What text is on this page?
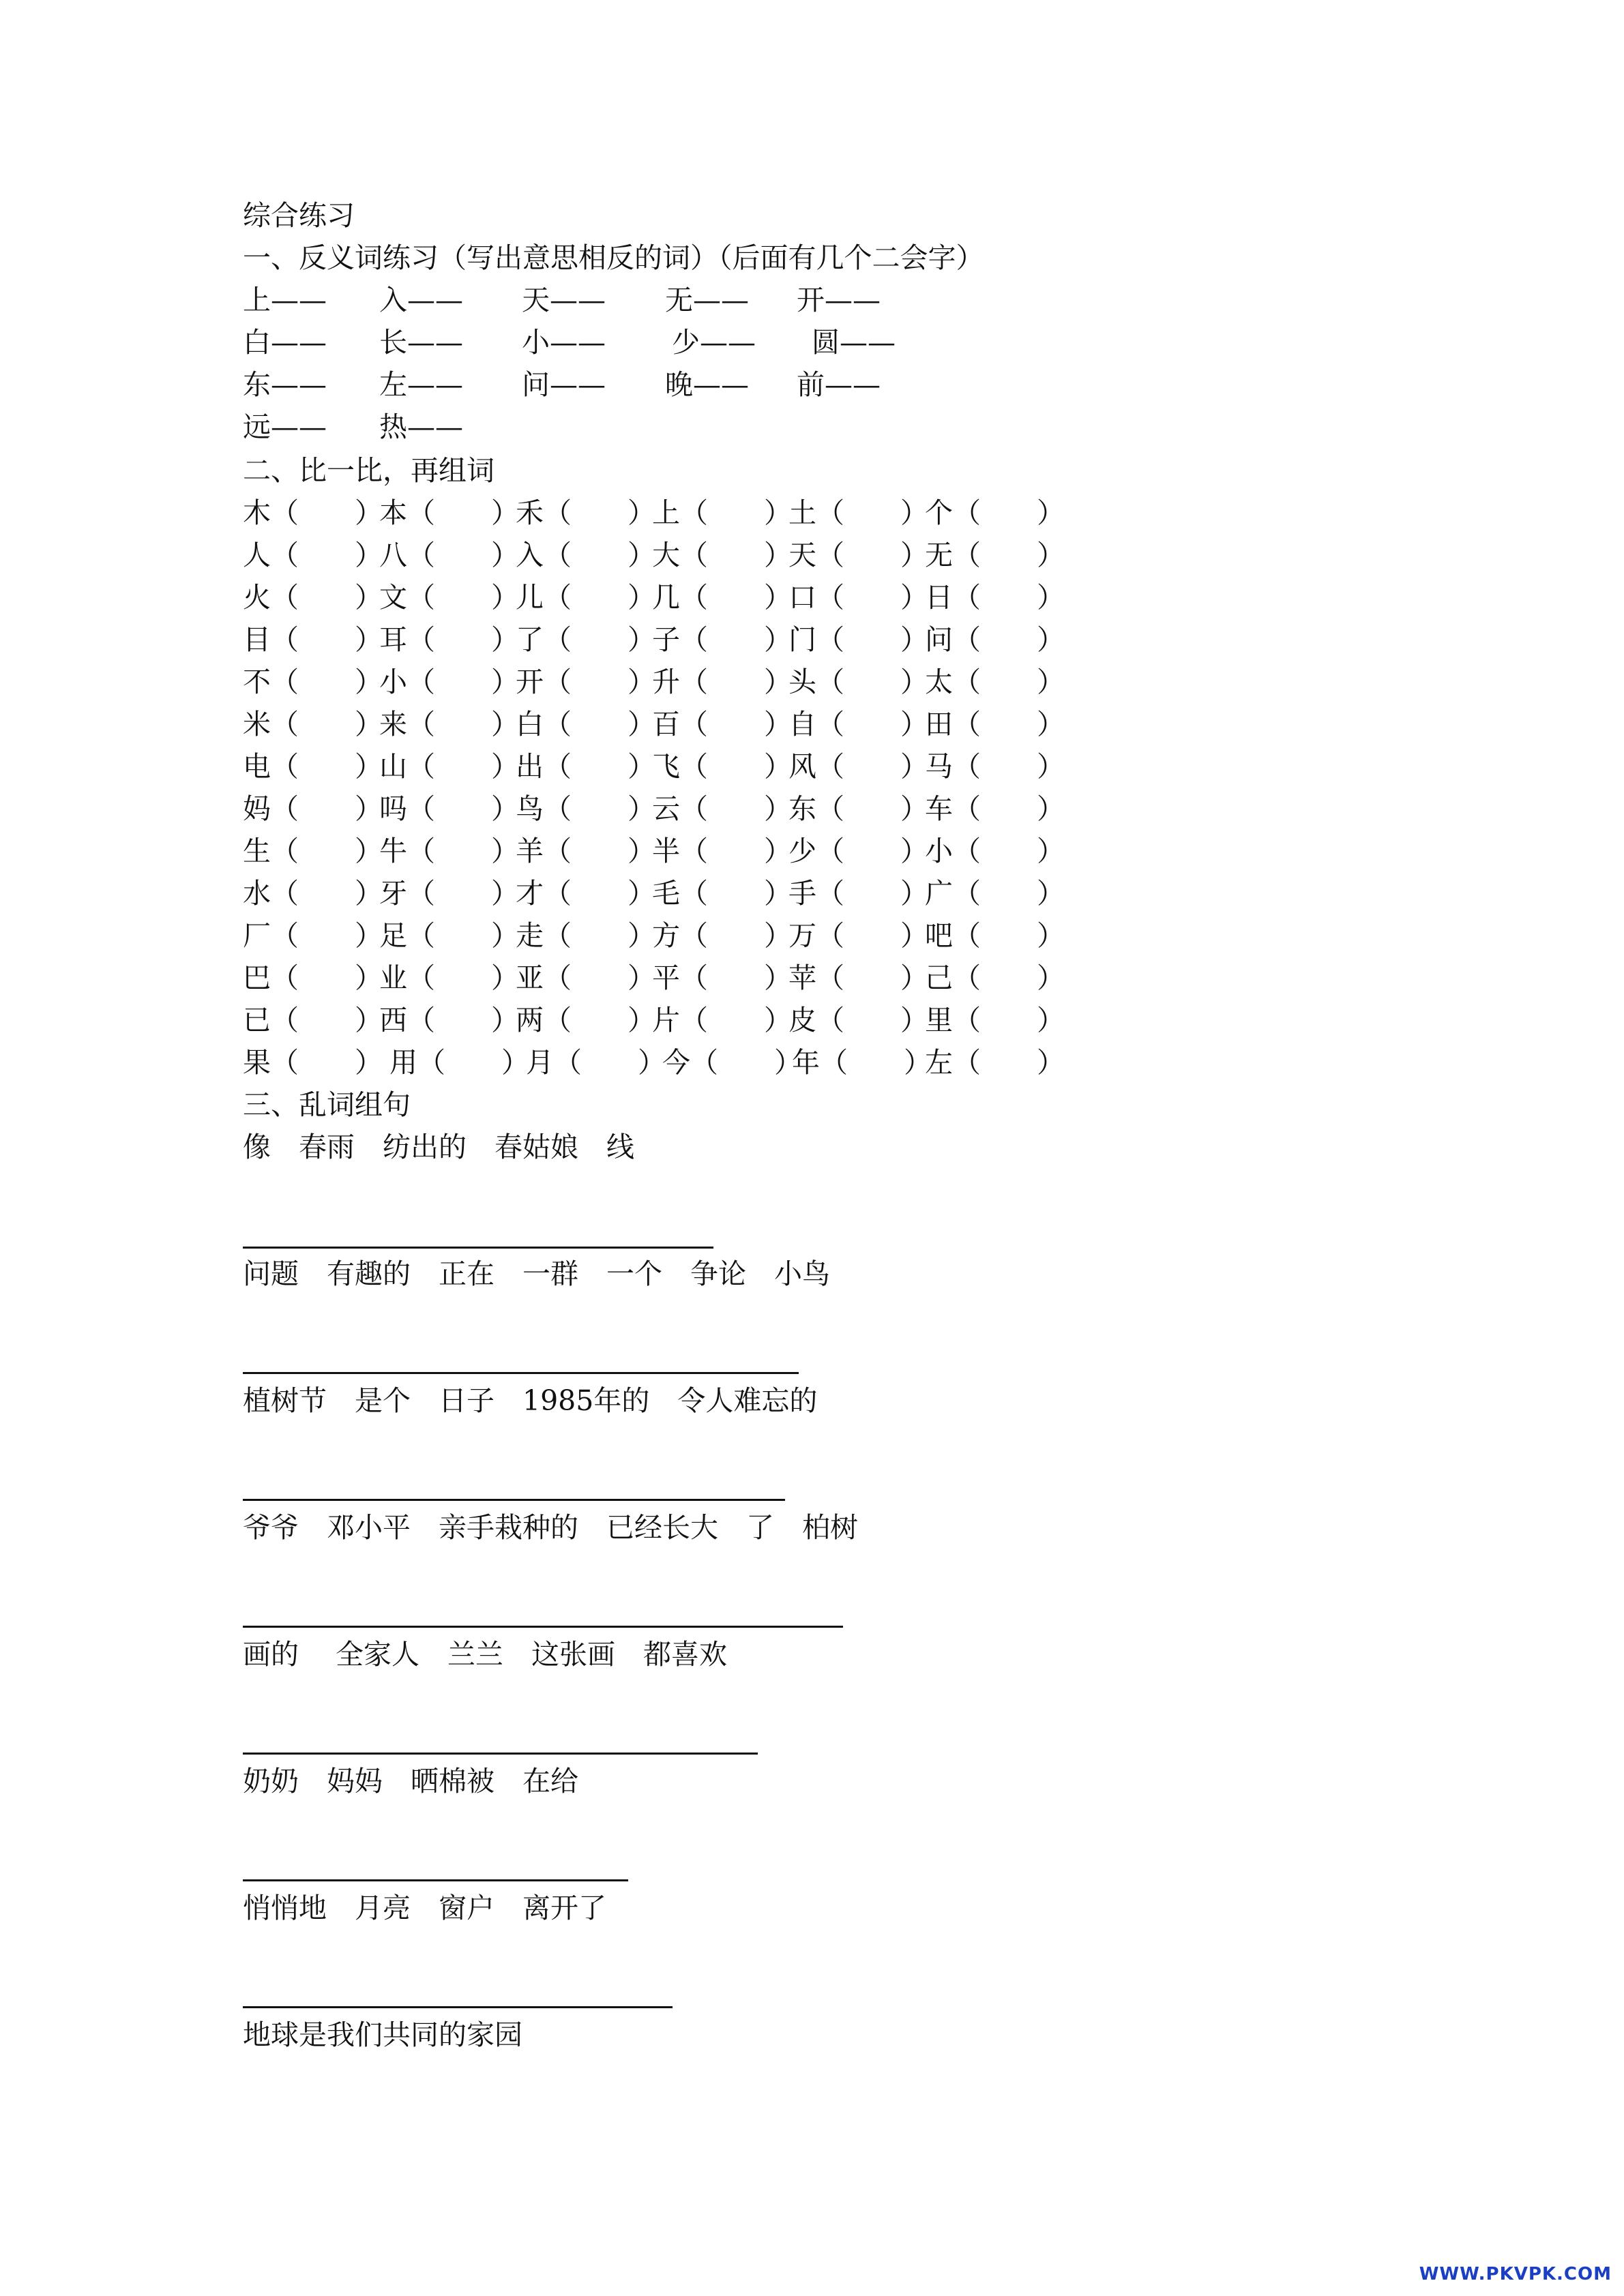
综合练习
一、反义词练习（写出意思相反的词）（后面有几个二会字）
上—— 入—— 天—— 无—— 开——
白—— 长—— 小—— 少—— 圆——
东—— 左—— 问—— 晚—— 前——
远—— 热——
二、比一比，再组词
木（　　）
本（　　）
禾（　　）
上（　　）
土（　　）
个（　　）
人（　　）
八（　　）
入（　　）
大（　　）
天（　　）
无（　　）
火（　　）
文（　　）
儿（　　）
几（　　）
口（　　）
日（　　）
目（　　）
耳（　　）
了（　　）
子（　　）
门（　　）
问（　　）
不（　　）
小（　　）
开（　　）
升（　　）
头（　　）
太（　　）
米（　　）
来（　　）
白（　　）
百（　　）
自（　　）
田（　　）
电（　　）
山（　　）
出（　　）
飞（　　）
风（　　）
马（　　）
妈（　　）
吗（　　）
鸟（　　）
云（　　）
东（　　）
车（　　）
生（　　）
牛（　　）
羊（　　）
半（　　）
少（　　）
小（　　）
水（　　）
牙（　　）
才（　　）
毛（　　）
手（　　）
广（　　）
厂（　　）
足（　　）
走（　　）
方（　　）
万（　　）
吧（　　）
巴（　　）
业（　　）
亚（　　）
平（　　）
苹（　　）
己（　　）
已（　　）
西（　　）
两（　　）
片（　　）
皮（　　）
里（　　）
果（　　） 用（　　）
月（　　）
今（　　）
年（　　）
左（　　）
三、乱词组句
像　春雨　纺出的　春姑娘　线
问题　有趣的　正在　一群　一个　争论　小鸟
植树节　是个　日子　1985年的　令人难忘的
爷爷　邓小平　亲手栽种的　已经长大　了　柏树
画的　 全家人　兰兰　这张画　都喜欢
奶奶　妈妈　晒棉被　在给
悄悄地　月亮　窗户　离开了
地球是我们共同的家园
WWW.PKVPK.COM
